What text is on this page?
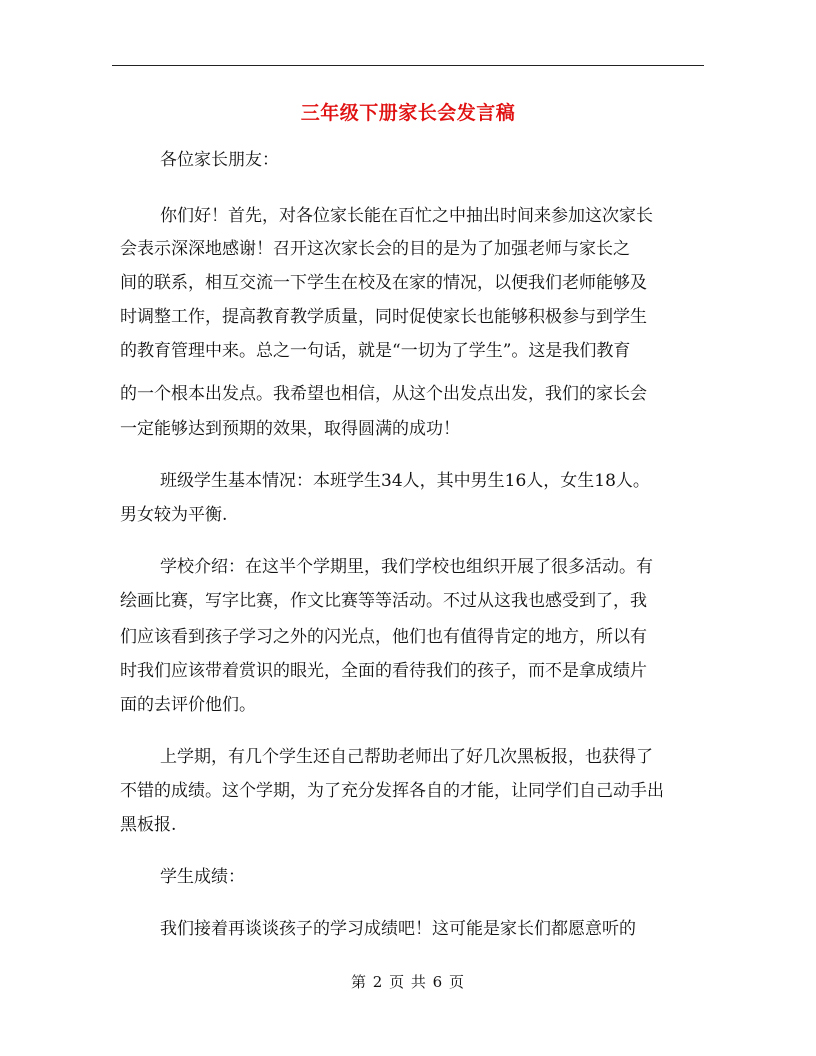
三年级下册家长会发言稿
各位家长朋友：
你们好！首先，对各位家长能在百忙之中抽出时间来参加这次家长
会表示深深地感谢！召开这次家长会的目的是为了加强老师与家长之
间的联系，相互交流一下学生在校及在家的情况，以便我们老师能够及
时调整工作，提高教育教学质量，同时促使家长也能够积极参与到学生
的教育管理中来。总之一句话，就是“一切为了学生”。这是我们教育
的一个根本出发点。我希望也相信，从这个出发点出发，我们的家长会
一定能够达到预期的效果，取得圆满的成功！
班级学生基本情况：本班学生34人，其中男生16人，女生18人。
男女较为平衡.
学校介绍：在这半个学期里，我们学校也组织开展了很多活动。有
绘画比赛，写字比赛，作文比赛等等活动。不过从这我也感受到了，我
们应该看到孩子学习之外的闪光点，他们也有值得肯定的地方，所以有
时我们应该带着赏识的眼光，全面的看待我们的孩子，而不是拿成绩片
面的去评价他们。
上学期，有几个学生还自己帮助老师出了好几次黑板报，也获得了
不错的成绩。这个学期，为了充分发挥各自的才能，让同学们自己动手出
黑板报.
学生成绩：
我们接着再谈谈孩子的学习成绩吧！这可能是家长们都愿意听的
第 2 页 共 6 页
